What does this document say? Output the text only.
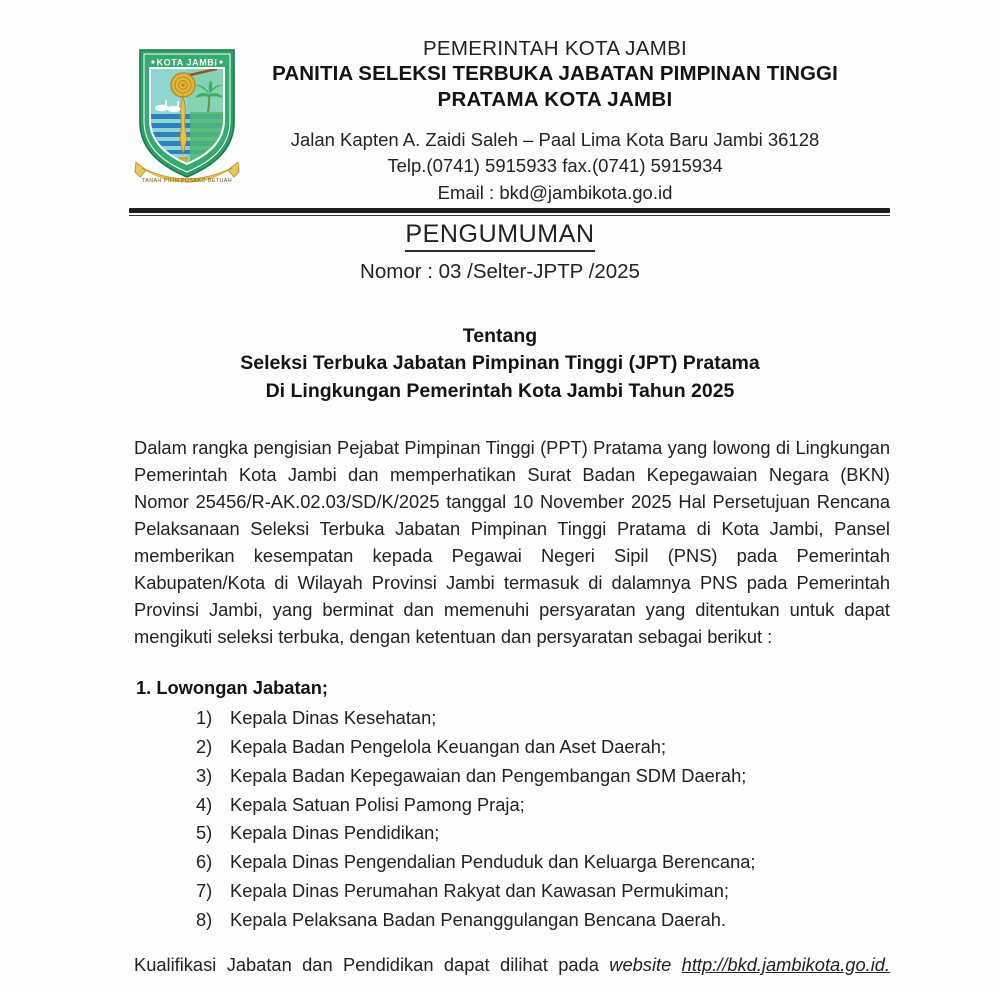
KOTA JAMBI
TANAH PILIH PUSAKO BETUAH
PEMERINTAH KOTA JAMBI
PANITIA SELEKSI TERBUKA JABATAN PIMPINAN TINGGI
PRATAMA KOTA JAMBI
Jalan Kapten A. Zaidi Saleh – Paal Lima Kota Baru Jambi 36128
Telp.(0741) 5915933 fax.(0741) 5915934
Email : bkd@jambikota.go.id
PENGUMUMAN
Nomor : 03 /Selter-JPTP /2025
Tentang
Seleksi Terbuka Jabatan Pimpinan Tinggi (JPT) Pratama
Di Lingkungan Pemerintah Kota Jambi Tahun 2025
Dalam rangka pengisian Pejabat Pimpinan Tinggi (PPT) Pratama yang lowong di Lingkungan Pemerintah Kota Jambi dan memperhatikan Surat Badan Kepegawaian Negara (BKN) Nomor 25456/R-AK.02.03/SD/K/2025 tanggal 10 November 2025 Hal Persetujuan Rencana Pelaksanaan Seleksi Terbuka Jabatan Pimpinan Tinggi Pratama di Kota Jambi, Pansel memberikan kesempatan kepada Pegawai Negeri Sipil (PNS) pada Pemerintah Kabupaten/Kota di Wilayah Provinsi Jambi termasuk di dalamnya PNS pada Pemerintah Provinsi Jambi, yang berminat dan memenuhi persyaratan yang ditentukan untuk dapat mengikuti seleksi terbuka, dengan ketentuan dan persyaratan sebagai berikut :
1. Lowongan Jabatan;
1) Kepala Dinas Kesehatan;
2) Kepala Badan Pengelola Keuangan dan Aset Daerah;
3) Kepala Badan Kepegawaian dan Pengembangan SDM Daerah;
4) Kepala Satuan Polisi Pamong Praja;
5) Kepala Dinas Pendidikan;
6) Kepala Dinas Pengendalian Penduduk dan Keluarga Berencana;
7) Kepala Dinas Perumahan Rakyat dan Kawasan Permukiman;
8) Kepala Pelaksana Badan Penanggulangan Bencana Daerah.
Kualifikasi Jabatan dan Pendidikan dapat dilihat pada website http://bkd.jambikota.go.id.
